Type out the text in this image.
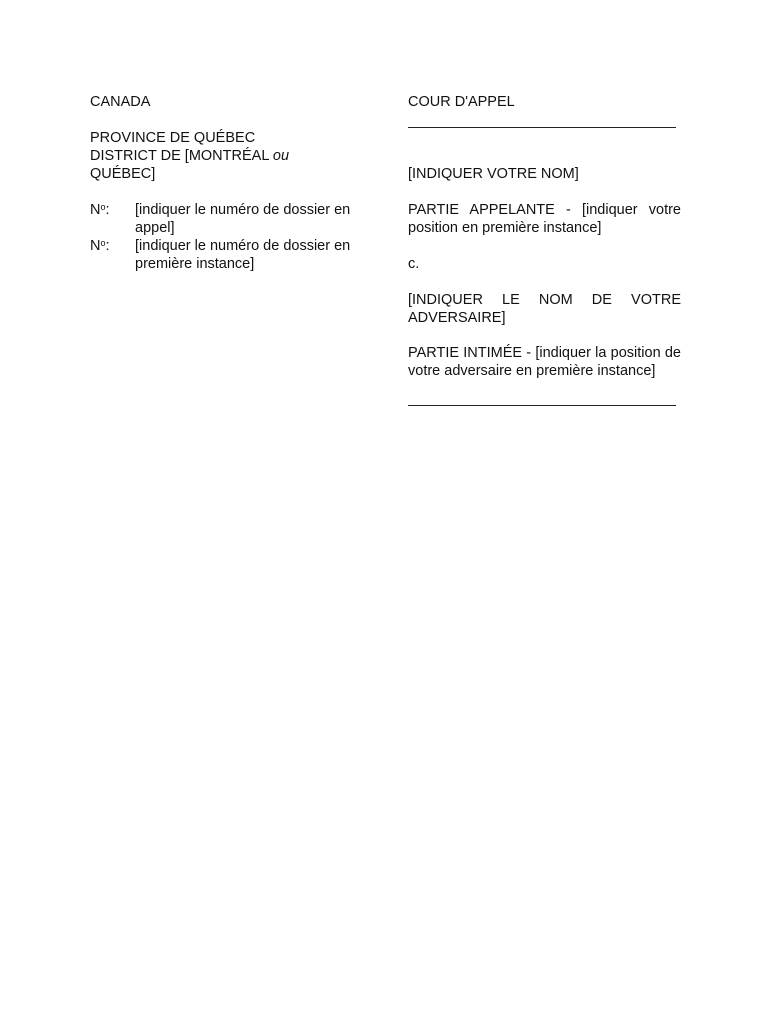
CANADA
PROVINCE DE QUÉBEC
DISTRICT DE [MONTRÉAL ou
QUÉBEC]
$N^o$:	[indiquer le numéro de dossier en appel]
$N^o$:	[indiquer le numéro de dossier en première instance]
COUR D'APPEL
[INDIQUER VOTRE NOM]
PARTIE APPELANTE - [indiquer votre position en première instance]
c.
[INDIQUER LE NOM DE VOTRE ADVERSAIRE]
PARTIE INTIMÉE - [indiquer la position de votre adversaire en première instance]
